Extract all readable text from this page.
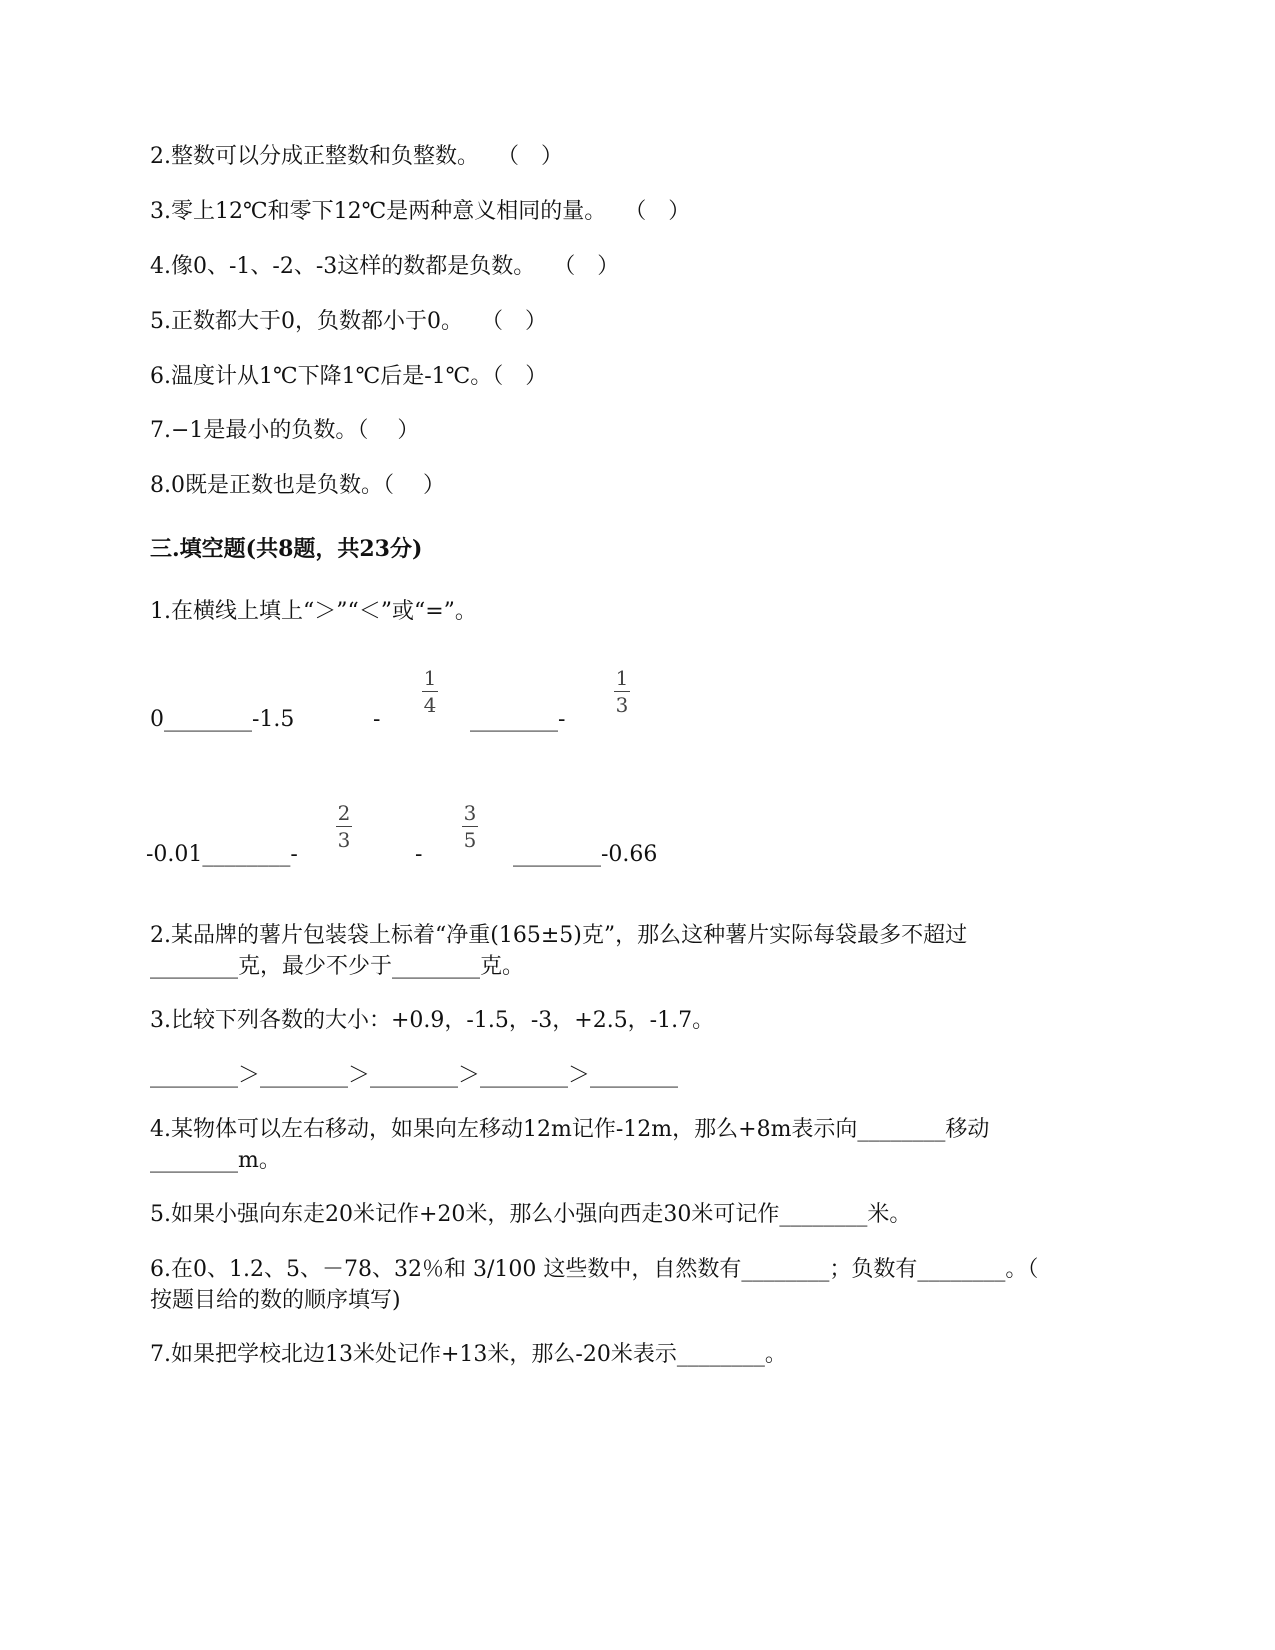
2.整数可以分成正整数和负整数。　 （　）
3.零上12℃和零下12℃是两种意义相同的量。　 （　）
4.像0、-1、-2、-3这样的数都是负数。　 （　）
5.正数都大于0，负数都小于0。　 （　）
6.温度计从1℃下降1℃后是-1℃。（　）
7.−1是最小的负数。（　 ）
8.0既是正数也是负数。（　 ）
三.填空题(共8题，共23分)
1.在横线上填上“＞”“＜”或“=”。
0________-1.5	-
1
4
________-
1
3
-0.01________-
2
3
-
3
5
________-0.66
2.某品牌的薯片包装袋上标着“净重(165±5)克”，那么这种薯片实际每袋最多不超过
________克，最少不少于________克。
3.比较下列各数的大小：+0.9，-1.5，-3，+2.5，-1.7。
________＞________＞________＞________＞________
4.某物体可以左右移动，如果向左移动12m记作-12m，那么+8m表示向________移动
________m。
5.如果小强向东走20米记作+20米，那么小强向西走30米可记作________米。
6.在0、1.2、5、－78、32％和 3/100 这些数中，自然数有________；负数有________。（
按题目给的数的顺序填写)
7.如果把学校北边13米处记作+13米，那么-20米表示________。
